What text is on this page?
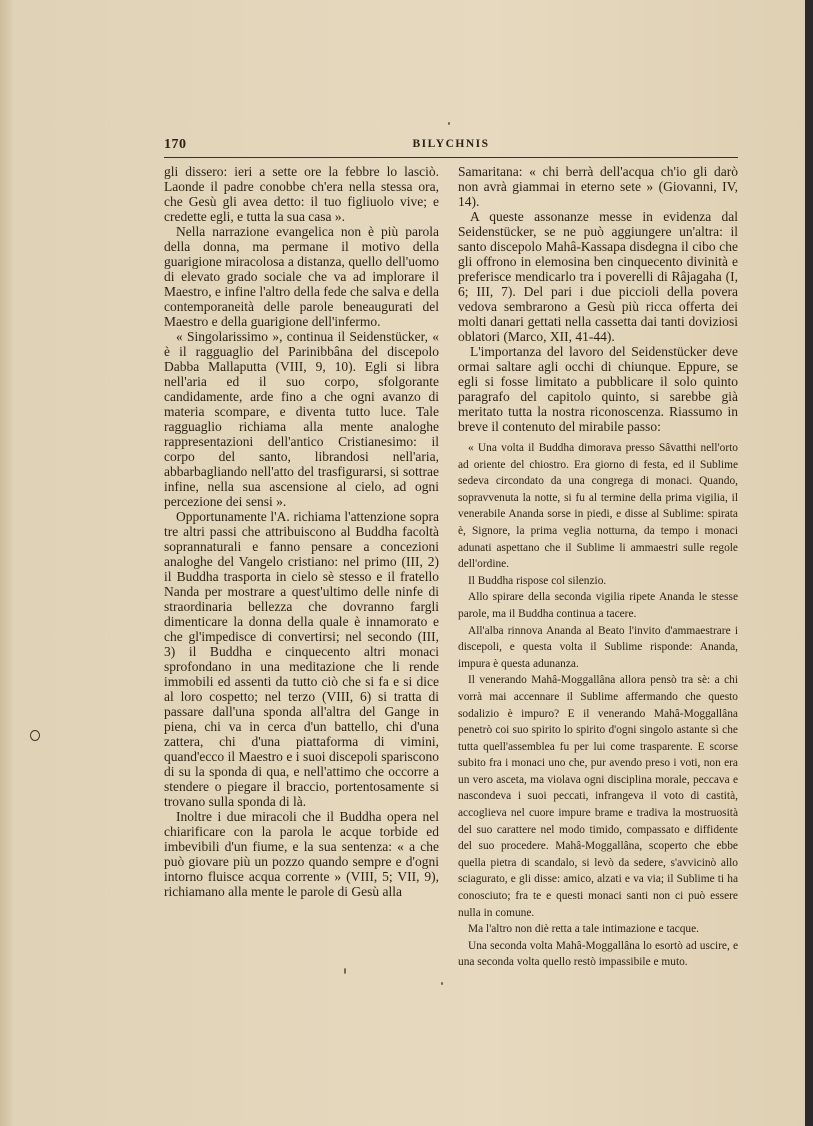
170	BILYCHNIS

gli dissero: ieri a sette ore la febbre lo lasciò. Laonde il padre conobbe ch'era nella stessa ora, che Gesù gli avea detto: il tuo figliuolo vive; e credette egli, e tutta la sua casa ».

Nella narrazione evangelica non è più parola della donna, ma permane il motivo della guarigione miracolosa a distanza, quello dell'uomo di elevato grado sociale che va ad implorare il Maestro, e infine l'altro della fede che salva e della contemporaneità delle parole beneaugurati del Maestro e della guarigione dell'infermo.

« Singolarissimo », continua il Seidenstücker, « è il ragguaglio del Parinibbâna del discepolo Dabba Mallaputta (VIII, 9, 10). Egli si libra nell'aria ed il suo corpo, sfolgorante candidamente, arde fino a che ogni avanzo di materia scompare, e diventa tutto luce. Tale ragguaglio richiama alla mente analoghe rappresentazioni dell'antico Cristianesimo: il corpo del santo, librandosi nell'aria, abbarbagliando nell'atto del trasfigurarsi, si sottrae infine, nella sua ascensione al cielo, ad ogni percezione dei sensi ».

Opportunamente l'A. richiama l'attenzione sopra tre altri passi che attribuiscono al Buddha facoltà soprannaturali e fanno pensare a concezioni analoghe del Vangelo cristiano: nel primo (III, 2) il Buddha trasporta in cielo sè stesso e il fratello Nanda per mostrare a quest'ultimo delle ninfe di straordinaria bellezza che dovranno fargli dimenticare la donna della quale è innamorato e che gl'impedisce di convertirsi; nel secondo (III, 3) il Buddha e cinquecento altri monaci sprofondano in una meditazione che li rende immobili ed assenti da tutto ciò che si fa e si dice al loro cospetto; nel terzo (VIII, 6) si tratta di passare dall'una sponda all'altra del Gange in piena, chi va in cerca d'un battello, chi d'una zattera, chi d'una piattaforma di vimini, quand'ecco il Maestro e i suoi discepoli spariscono di su la sponda di qua, e nell'attimo che occorre a stendere o piegare il braccio, portentosamente si trovano sulla sponda di là.

Inoltre i due miracoli che il Buddha opera nel chiarificare con la parola le acque torbide ed imbevibili d'un fiume, e la sua sentenza: « a che può giovare più un pozzo quando sempre e d'ogni intorno fluisce acqua corrente » (VIII, 5; VII, 9), richiamano alla mente le parole di Gesù alla

Samaritana: « chi berrà dell'acqua ch'io gli darò non avrà giammai in eterno sete » (Giovanni, IV, 14).

A queste assonanze messe in evidenza dal Seidenstücker, se ne può aggiungere un'altra: il santo discepolo Mahâ-Kassapa disdegna il cibo che gli offrono in elemosina ben cinquecento divinità e preferisce mendicarlo tra i poverelli di Râjagaha (I, 6; III, 7). Del pari i due piccioli della povera vedova sembrarono a Gesù più ricca offerta dei molti danari gettati nella cassetta dai tanti doviziosi oblatori (Marco, XII, 41-44).

L'importanza del lavoro del Seidenstücker deve ormai saltare agli occhi di chiunque. Eppure, se egli si fosse limitato a pubblicare il solo quinto paragrafo del capitolo quinto, si sarebbe già meritato tutta la nostra riconoscenza. Riassumo in breve il contenuto del mirabile passo:

« Una volta il Buddha dimorava presso Sâvatthi nell'orto ad oriente del chiostro. Era giorno di festa, ed il Sublime sedeva circondato da una congrega di monaci. Quando, sopravvenuta la notte, si fu al termine della prima vigilia, il venerabile Ananda sorse in piedi, e disse al Sublime: spirata è, Signore, la prima veglia notturna, da tempo i monaci adunati aspettano che il Sublime li ammaestri sulle regole dell'ordine.

Il Buddha rispose col silenzio.

Allo spirare della seconda vigilia ripete Ananda le stesse parole, ma il Buddha continua a tacere.

All'alba rinnova Ananda al Beato l'invito d'ammaestrare i discepoli, e questa volta il Sublime risponde: Ananda, impura è questa adunanza.

Il venerando Mahâ-Moggallâna allora pensò tra sè: a chi vorrà mai accennare il Sublime affermando che questo sodalizio è impuro? E il venerando Mahâ-Moggallâna penetrò coi suo spirito lo spirito d'ogni singolo astante sì che tutta quell'assemblea fu per lui come trasparente. E scorse subito fra i monaci uno che, pur avendo preso i voti, non era un vero asceta, ma violava ogni disciplina morale, peccava e nascondeva i suoi peccati, infrangeva il voto di castità, accoglieva nel cuore impure brame e tradiva la mostruosità del suo carattere nel modo timido, compassato e diffidente del suo procedere. Mahâ-Moggallâna, scoperto che ebbe quella pietra di scandalo, si levò da sedere, s'avvicinò allo sciagurato, e gli disse: amico, alzati e va via; il Sublime ti ha conosciuto; fra te e questi monaci santi non ci può essere nulla in comune.

Ma l'altro non diè retta a tale intimazione e tacque.

Una seconda volta Mahâ-Moggallâna lo esortò ad uscire, e una seconda volta quello restò impassibile e muto.
